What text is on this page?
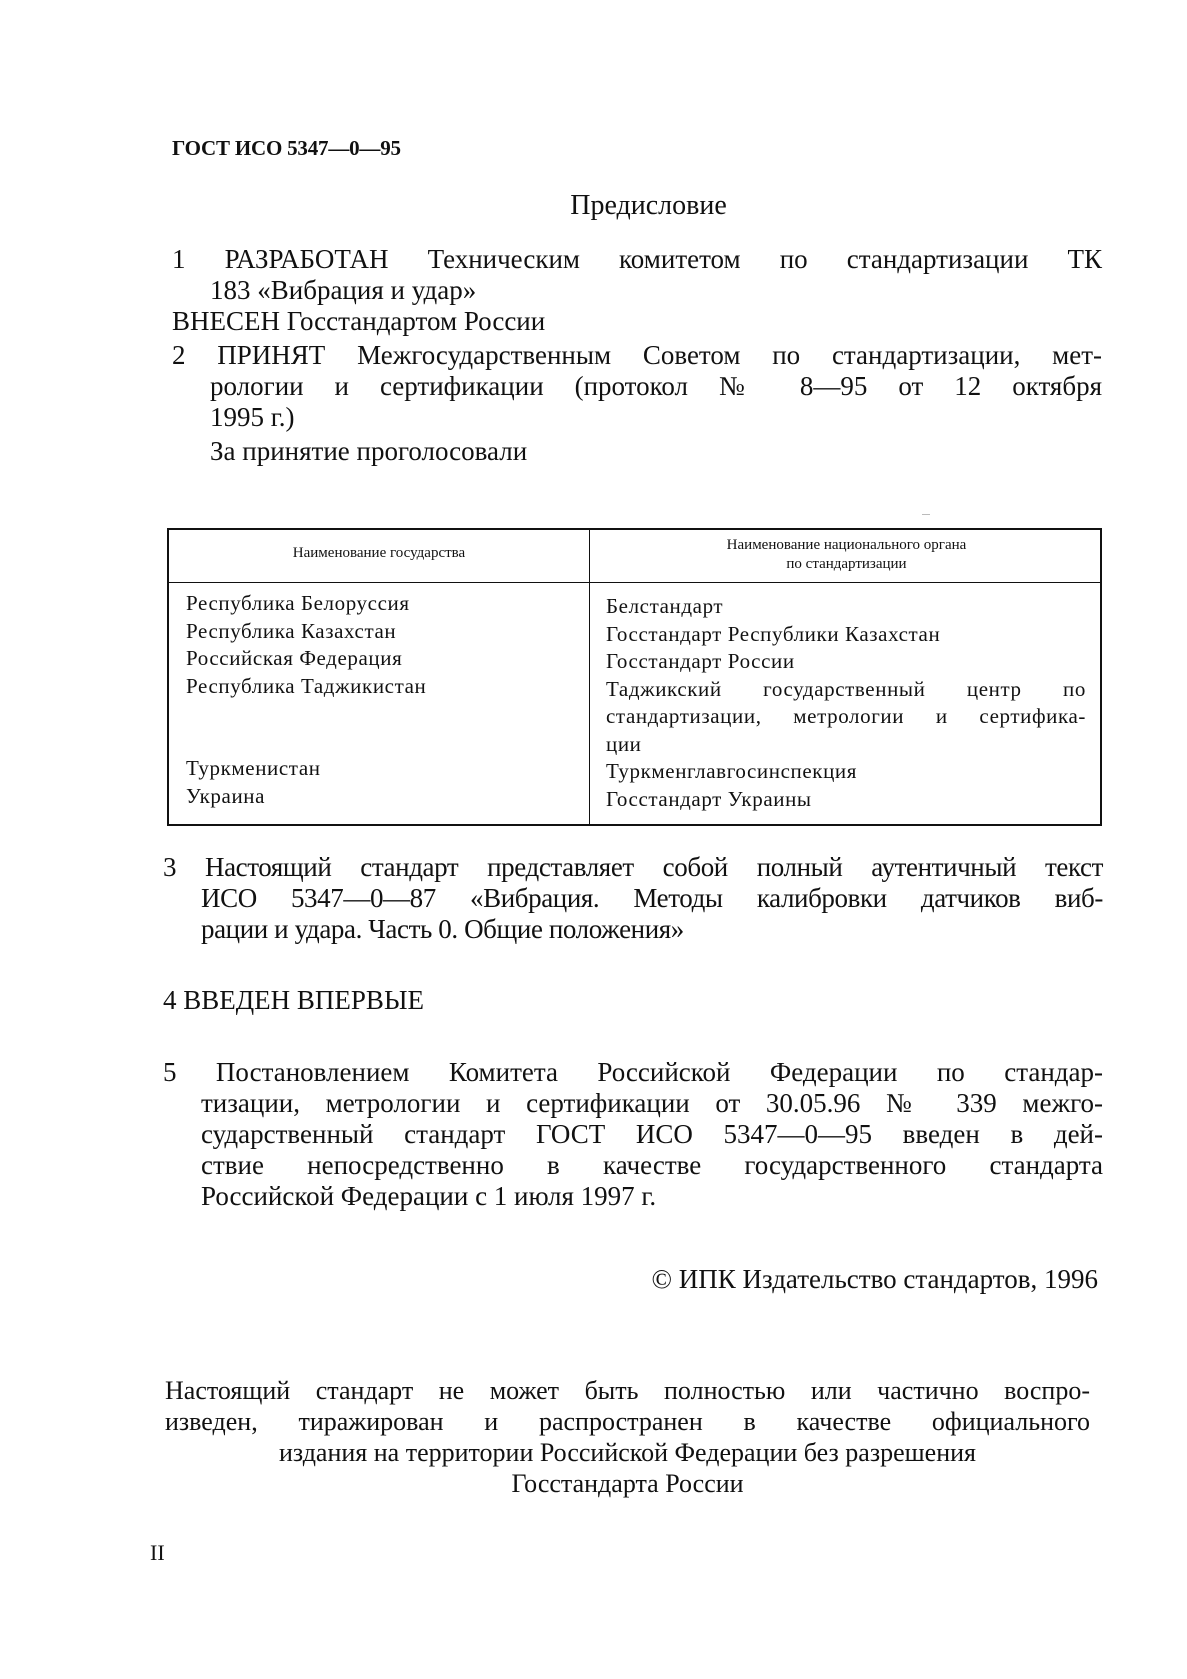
ГОСТ ИСО 5347—0—95
Предисловие
1 РАЗРАБОТАН Техническим комитетом по стандартизации ТК
183 «Вибрация и удар»
ВНЕСЕН Госстандартом России
2 ПРИНЯТ Межгосударственным Советом по стандартизации, мет-
рологии и сертификации (протокол № 8—95 от 12 октября
1995 г.)
За принятие проголосовали
Наименование государства	Наименование национального органа
по стандартизации
Республика Белоруссия
Республика Казахстан
Российская Федерация
Республика Таджикистан
Туркменистан
Украина
Белстандарт
Госстандарт Республики Казахстан
Госстандарт России
Таджикский государственный центр по
стандартизации, метрологии и сертифика-
ции
Туркменглавгосинспекция
Госстандарт Украины
3 Настоящий стандарт представляет собой полный аутентичный текст
ИСО 5347—0—87 «Вибрация. Методы калибровки датчиков виб-
рации и удара. Часть 0. Общие положения»
4 ВВЕДЕН ВПЕРВЫЕ
5 Постановлением Комитета Российской Федерации по стандар-
тизации, метрологии и сертификации от 30.05.96 № 339 межго-
сударственный стандарт ГОСТ ИСО 5347—0—95 введен в дей-
ствие непосредственно в качестве государственного стандарта
Российской Федерации с 1 июля 1997 г.
© ИПК Издательство стандартов, 1996
Настоящий стандарт не может быть полностью или частично воспро-
изведен, тиражирован и распространен в качестве официального
издания на территории Российской Федерации без разрешения
Госстандарта России
II
